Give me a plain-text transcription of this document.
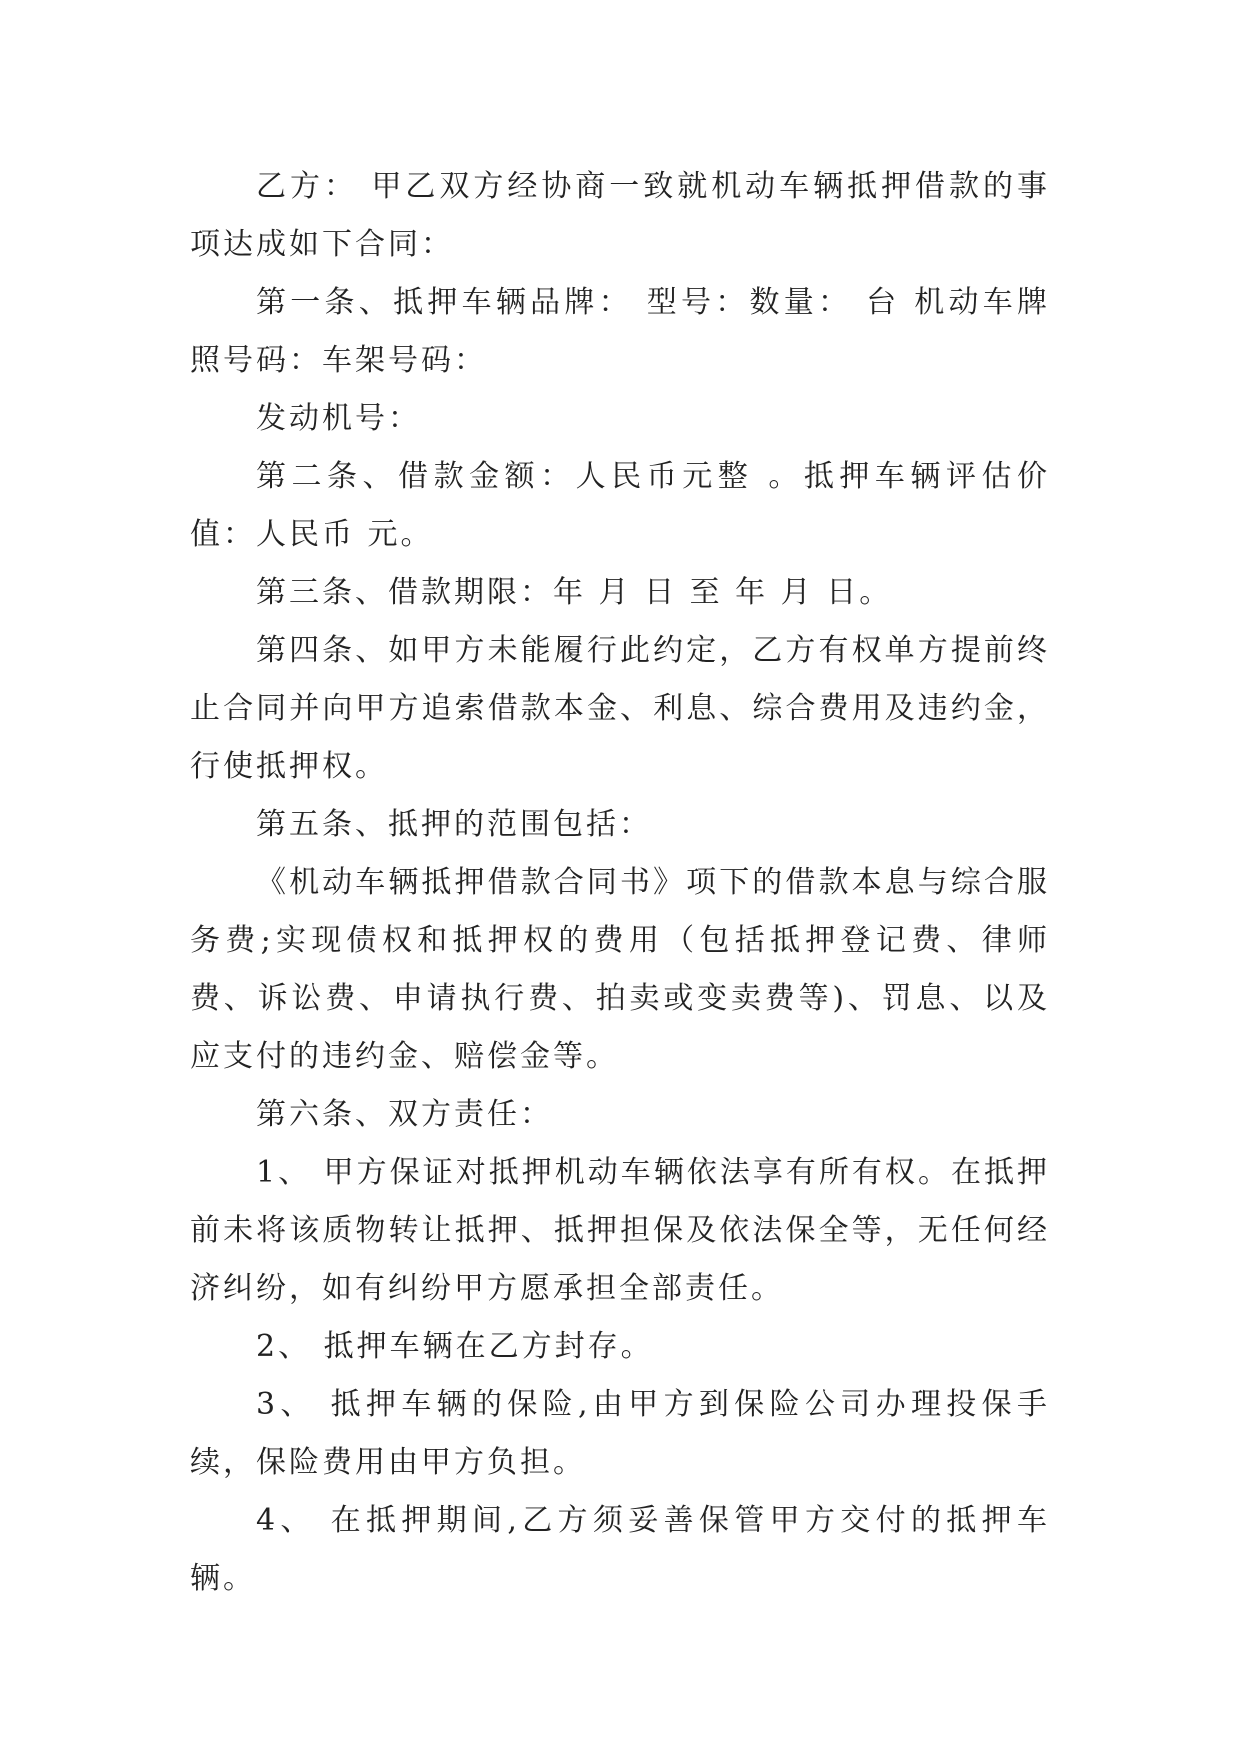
乙方： 甲乙双方经协商一致就机动车辆抵押借款的事项达成如下合同：

第一条、抵押车辆品牌： 型号：数量： 台 机动车牌照号码：车架号码：

发动机号：

第二条、借款金额：人民币元整 。抵押车辆评估价值：人民币 元。

第三条、借款期限：年 月 日 至 年 月 日。

第四条、如甲方未能履行此约定，乙方有权单方提前终止合同并向甲方追索借款本金、利息、综合费用及违约金，行使抵押权。

第五条、抵押的范围包括：

《机动车辆抵押借款合同书》项下的借款本息与综合服务费;实现债权和抵押权的费用（包括抵押登记费、律师费、诉讼费、申请执行费、拍卖或变卖费等)、罚息、以及应支付的违约金、赔偿金等。

第六条、双方责任：

1、 甲方保证对抵押机动车辆依法享有所有权。在抵押前未将该质物转让抵押、抵押担保及依法保全等，无任何经济纠纷，如有纠纷甲方愿承担全部责任。

2、 抵押车辆在乙方封存。

3、 抵押车辆的保险,由甲方到保险公司办理投保手续，保险费用由甲方负担。

4、 在抵押期间,乙方须妥善保管甲方交付的抵押车辆。
